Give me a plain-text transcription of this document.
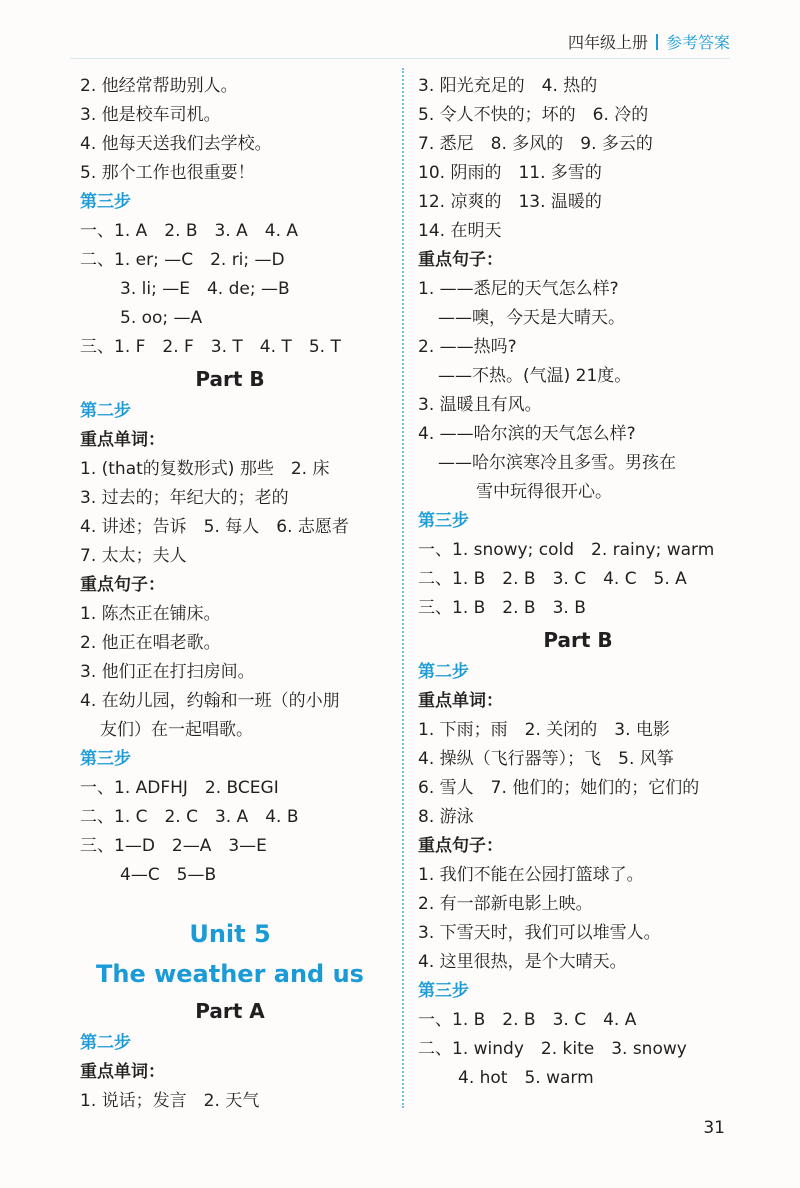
四年级上册 参考答案
2. 他经常帮助别人。
3. 他是校车司机。
4. 他每天送我们去学校。
5. 那个工作也很重要！
第三步
一、1. A　2. B　3. A　4. A
二、1. er; —C　2. ri; —D
3. li; —E　4. de; —B
5. oo; —A
三、1. F　2. F　3. T　4. T　5. T
Part B
第二步
重点单词：
1. (that的复数形式) 那些　2. 床
3. 过去的；年纪大的；老的
4. 讲述；告诉　5. 每人　6. 志愿者
7. 太太；夫人
重点句子：
1. 陈杰正在铺床。
2. 他正在唱老歌。
3. 他们正在打扫房间。
4. 在幼儿园，约翰和一班（的小朋
友们）在一起唱歌。
第三步
一、1. ADFHJ　2. BCEGI
二、1. C　2. C　3. A　4. B
三、1—D　2—A　3—E
4—C　5—B
Unit 5
The weather and us
Part A
第二步
重点单词：
1. 说话；发言　2. 天气
3. 阳光充足的　4. 热的
5. 令人不快的；坏的　6. 冷的
7. 悉尼　8. 多风的　9. 多云的
10. 阴雨的　11. 多雪的
12. 凉爽的　13. 温暖的
14. 在明天
重点句子：
1. ——悉尼的天气怎么样?
——噢，今天是大晴天。
2. ——热吗?
——不热。(气温) 21度。
3. 温暖且有风。
4. ——哈尔滨的天气怎么样?
——哈尔滨寒冷且多雪。男孩在
雪中玩得很开心。
第三步
一、1. snowy; cold　2. rainy; warm
二、1. B　2. B　3. C　4. C　5. A
三、1. B　2. B　3. B
Part B
第二步
重点单词：
1. 下雨；雨　2. 关闭的　3. 电影
4. 操纵（飞行器等）；飞　5. 风筝
6. 雪人　7. 他们的；她们的；它们的
8. 游泳
重点句子：
1. 我们不能在公园打篮球了。
2. 有一部新电影上映。
3. 下雪天时，我们可以堆雪人。
4. 这里很热，是个大晴天。
第三步
一、1. B　2. B　3. C　4. A
二、1. windy　2. kite　3. snowy
4. hot　5. warm
31
